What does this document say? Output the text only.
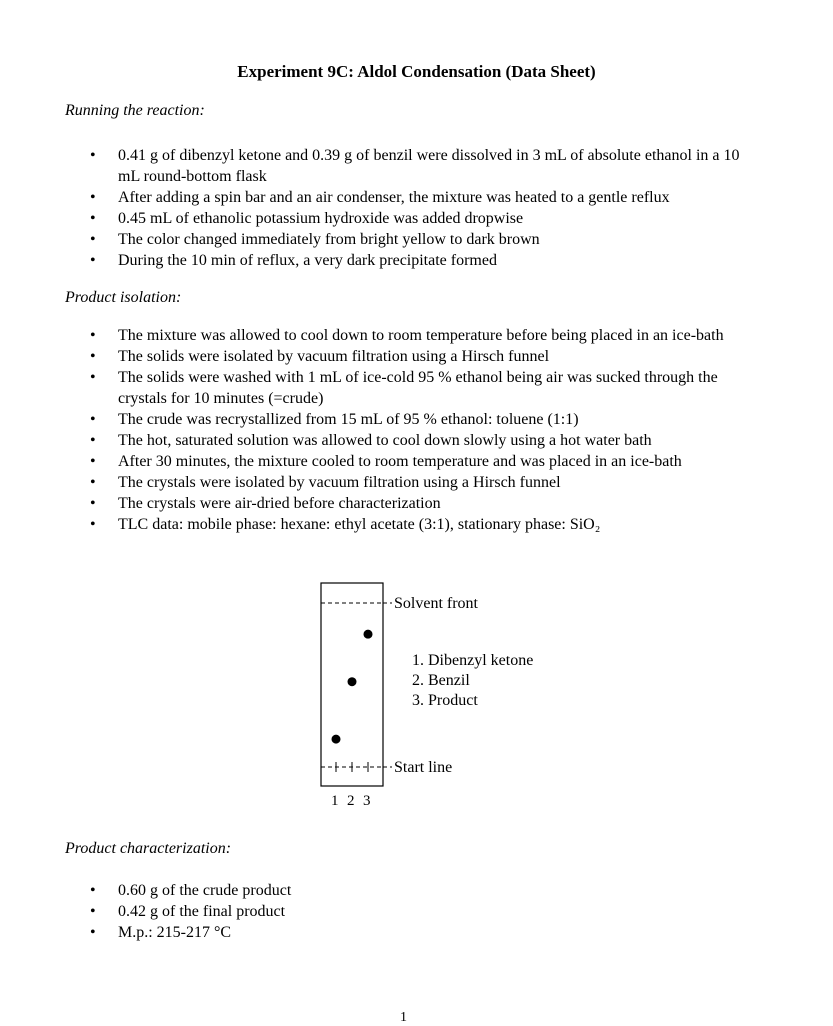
Experiment 9C: Aldol Condensation (Data Sheet)
Running the reaction:
• 0.41 g of dibenzyl ketone and 0.39 g of benzil were dissolved in 3 mL of absolute ethanol in a 10 mL round-bottom flask
• After adding a spin bar and an air condenser, the mixture was heated to a gentle reflux
• 0.45 mL of ethanolic potassium hydroxide was added dropwise
• The color changed immediately from bright yellow to dark brown
• During the 10 min of reflux, a very dark precipitate formed
Product isolation:
• The mixture was allowed to cool down to room temperature before being placed in an ice-bath
• The solids were isolated by vacuum filtration using a Hirsch funnel
• The solids were washed with 1 mL of ice-cold 95 % ethanol being air was sucked through the crystals for 10 minutes (=crude)
• The crude was recrystallized from 15 mL of 95 % ethanol: toluene (1:1)
• The hot, saturated solution was allowed to cool down slowly using a hot water bath
• After 30 minutes, the mixture cooled to room temperature and was placed in an ice-bath
• The crystals were isolated by vacuum filtration using a Hirsch funnel
• The crystals were air-dried before characterization
• TLC data: mobile phase: hexane: ethyl acetate (3:1), stationary phase: SiO₂
Solvent front
Start line
1 2 3
1. Dibenzyl ketone
2. Benzil
3. Product
Product characterization:
• 0.60 g of the crude product
• 0.42 g of the final product
• M.p.: 215-217 °C
1
